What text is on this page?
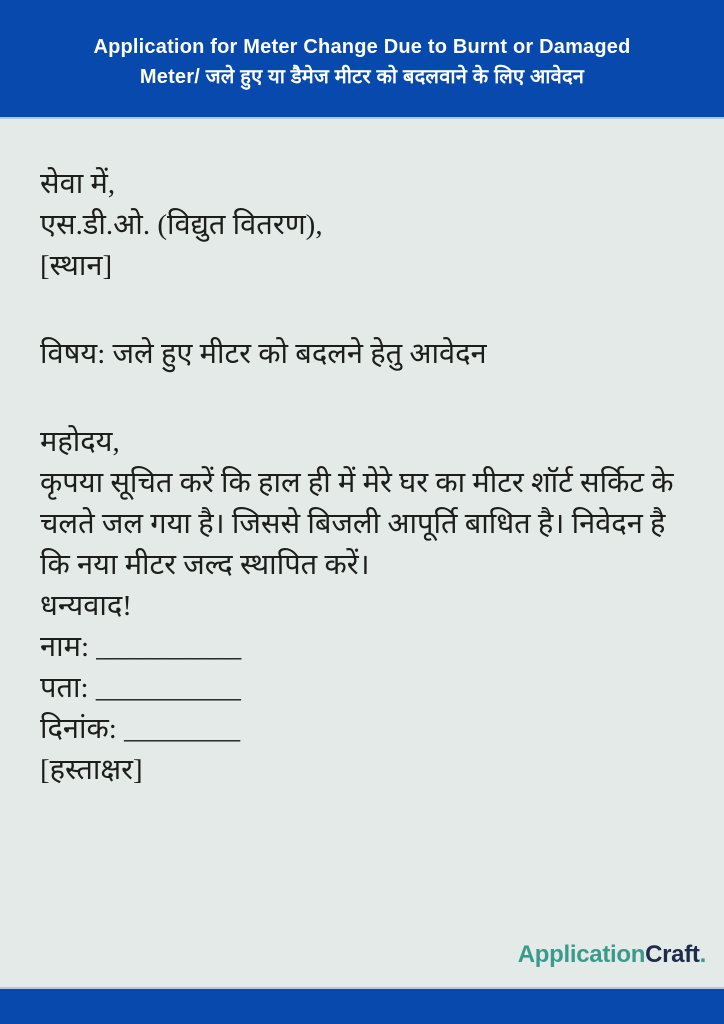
Application for Meter Change Due to Burnt or Damaged
Meter/ जले हुए या डैमेज मीटर को बदलवाने के लिए आवेदन
सेवा में,
एस.डी.ओ. (विद्युत वितरण),
[स्थान]
विषय: जले हुए मीटर को बदलने हेतु आवेदन
महोदय,
कृपया सूचित करें कि हाल ही में मेरे घर का मीटर शॉर्ट सर्किट के
चलते जल गया है। जिससे बिजली आपूर्ति बाधित है। निवेदन है
कि नया मीटर जल्द स्थापित करें।
धन्यवाद!
नाम: __________
पता: __________
दिनांक: ________
[हस्ताक्षर]
ApplicationCraft.
